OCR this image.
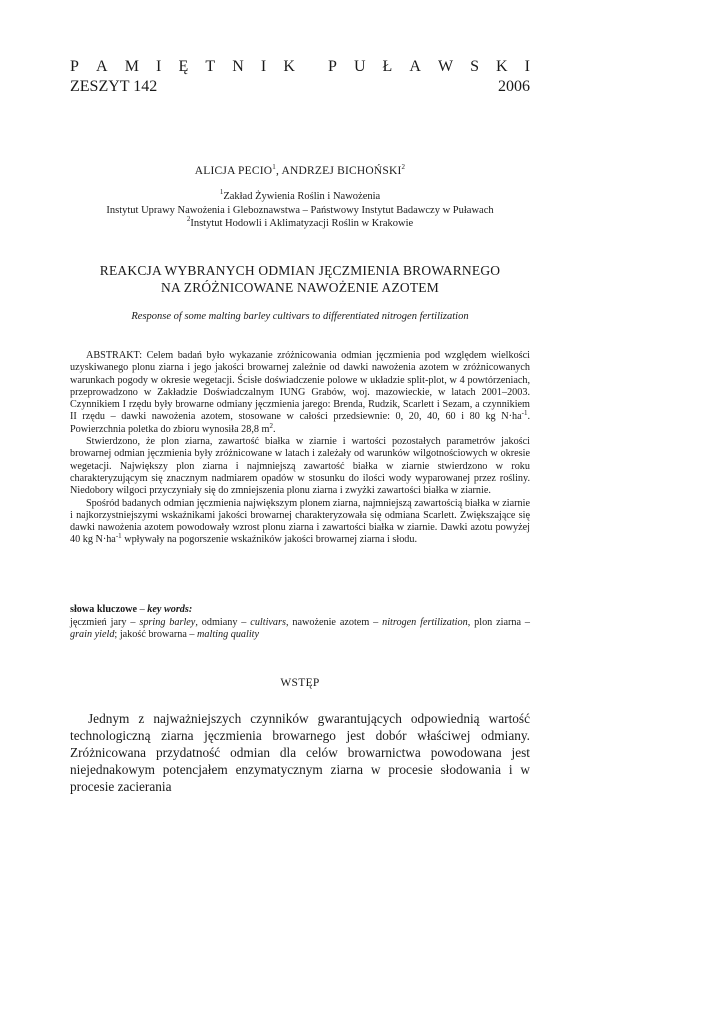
P A M I Ę T N I K P U Ł A W S K I
ZESZYT 142	2006
ALICJA PECIO$^1$, ANDRZEJ BICHOŃSKI$^2$
$^1$Zakład Żywienia Roślin i Nawożenia
Instytut Uprawy Nawożenia i Gleboznawstwa – Państwowy Instytut Badawczy w Puławach
$^2$Instytut Hodowli i Aklimatyzacji Roślin w Krakowie
REAKCJA WYBRANYCH ODMIAN JĘCZMIENIA BROWARNEGO
NA ZRÓŻNICOWANE NAWOŻENIE AZOTEM
Response of some malting barley cultivars to differentiated nitrogen fertilization

ABSTRAKT: Celem badań było wykazanie zróżnicowania odmian jęczmienia pod względem wielkości uzyskiwanego plonu ziarna i jego jakości browarnej zależnie od dawki nawożenia azotem w zróżnicowanych warunkach pogody w okresie wegetacji. Ścisłe doświadczenie polowe w układzie split-plot, w 4 powtórzeniach, przeprowadzono w Zakładzie Doświadczalnym IUNG Grabów, woj. mazowieckie, w latach 2001–2003. Czynnikiem I rzędu były browarne odmiany jęczmienia jarego: Brenda, Rudzik, Scarlett i Sezam, a czynnikiem II rzędu – dawki nawożenia azotem, stosowane w całości przedsiewnie: 0, 20, 40, 60 i 80 kg $N\cdot ha^{-1}$. Powierzchnia poletka do zbioru wynosiła 28,8 $m^2$.

Stwierdzono, że plon ziarna, zawartość białka w ziarnie i wartości pozostałych parametrów jakości browarnej odmian jęczmienia były zróżnicowane w latach i zależały od warunków wilgotnościowych w okresie wegetacji. Największy plon ziarna i najmniejszą zawartość białka w ziarnie stwierdzono w roku charakteryzującym się znacznym nadmiarem opadów w stosunku do ilości wody wyparowanej przez rośliny. Niedobory wilgoci przyczyniały się do zmniejszenia plonu ziarna i zwyżki zawartości białka w ziarnie.

Spośród badanych odmian jęczmienia największym plonem ziarna, najmniejszą zawartością białka w ziarnie i najkorzystniejszymi wskaźnikami jakości browarnej charakteryzowała się odmiana Scarlett. Zwiększające się dawki nawożenia azotem powodowały wzrost plonu ziarna i zawartości białka w ziarnie. Dawki azotu powyżej 40 kg $N\cdot ha^{-1}$ wpływały na pogorszenie wskaźników jakości browarnej ziarna i słodu.

słowa kluczowe – key words:
jęczmień jary – spring barley, odmiany – cultivars, nawożenie azotem – nitrogen fertilization, plon ziarna – grain yield; jakość browarna – malting quality
WSTĘP

Jednym z najważniejszych czynników gwarantujących odpowiednią wartość technologiczną ziarna jęczmienia browarnego jest dobór właściwej odmiany. Zróżnicowana przydatność odmian dla celów browarnictwa powodowana jest niejednakowym potencjałem enzymatycznym ziarna w procesie słodowania i w procesie zacierania
